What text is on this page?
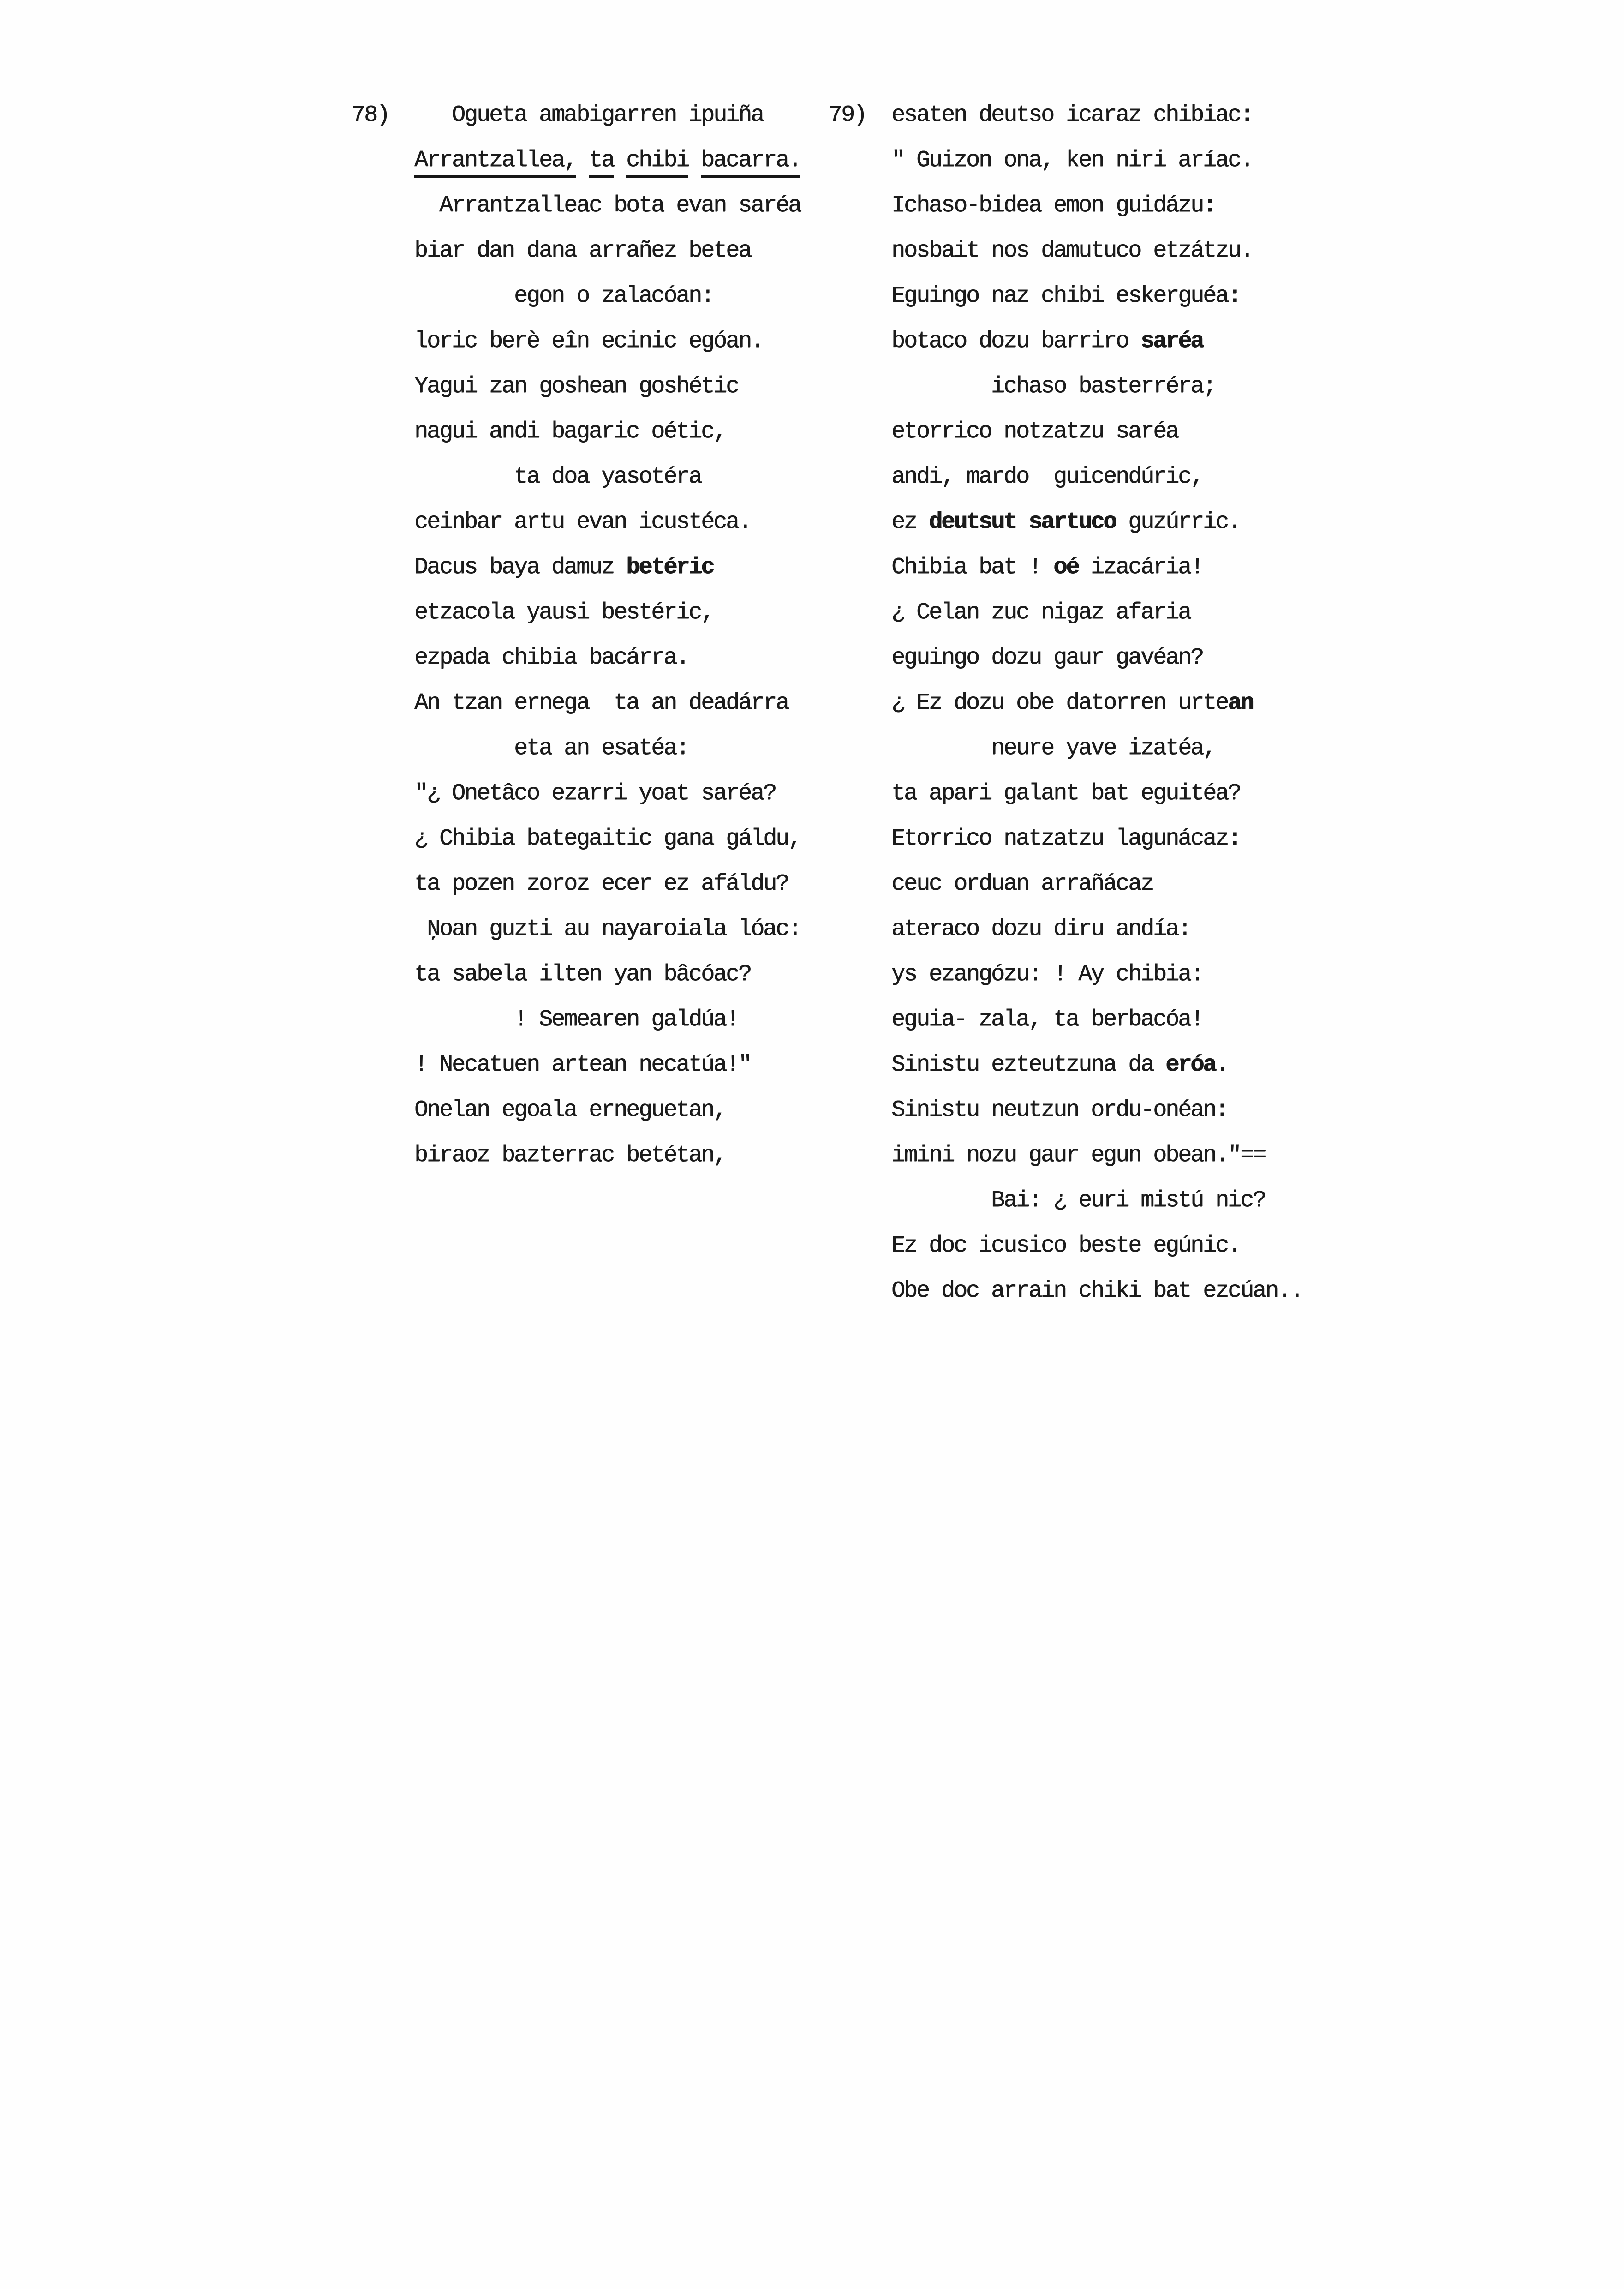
78)	79)
Ogueta amabigarren ipuiña
Arrantzallea, ta chibi bacarra.
Arrantzalleac bota evan saréa
biar dan dana arrañez betea
egon o zalacóan:
loric berè eîn ecinic egóan.
Yagui zan goshean goshétic
nagui andi bagaric oétic,
ta doa yasotéra
ceinbar artu evan icustéca.
Dacus baya damuz betéric
etzacola yausi bestéric,
ezpada chibia bacárra.
An tzan ernega  ta an deadárra
eta an esatéa:
"¿ Onetâco ezarri yoat saréa?
¿ Chibia bategaitic gana gáldu,
ta pozen zoroz ecer ez afáldu?
Ņoan guzti au nayaroiala lóac:
ta sabela ilten yan bâcóac?
! Semearen galdúa!
! Necatuen artean necatúa!"
Onelan egoala erneguetan,
biraoz bazterrac betétan,
esaten deutso icaraz chibiac:
" Guizon ona, ken niri aríac.
Ichaso-bidea emon guidázu:
nosbait nos damutuco etzátzu.
Eguingo naz chibi eskerguéa:
botaco dozu barriro saréa
ichaso basterréra;
etorrico notzatzu saréa
andi, mardo  guicendúric,
ez deutsut sartuco guzúrric.
Chibia bat ! oé izacária!
¿ Celan zuc nigaz afaria
eguingo dozu gaur gavéan?
¿ Ez dozu obe datorren urtean
neure yave izatéa,
ta apari galant bat eguitéa?
Etorrico natzatzu lagunácaz:
ceuc orduan arrañácaz
ateraco dozu diru andía:
ys ezangózu: ! Ay chibia:
eguia- zala, ta berbacóa!
Sinistu ezteutzuna da eróa.
Sinistu neutzun ordu-onéan:
imini nozu gaur egun obean."==
Bai: ¿ euri mistú nic?
Ez doc icusico beste egúnic.
Obe doc arrain chiki bat ezcúan..
